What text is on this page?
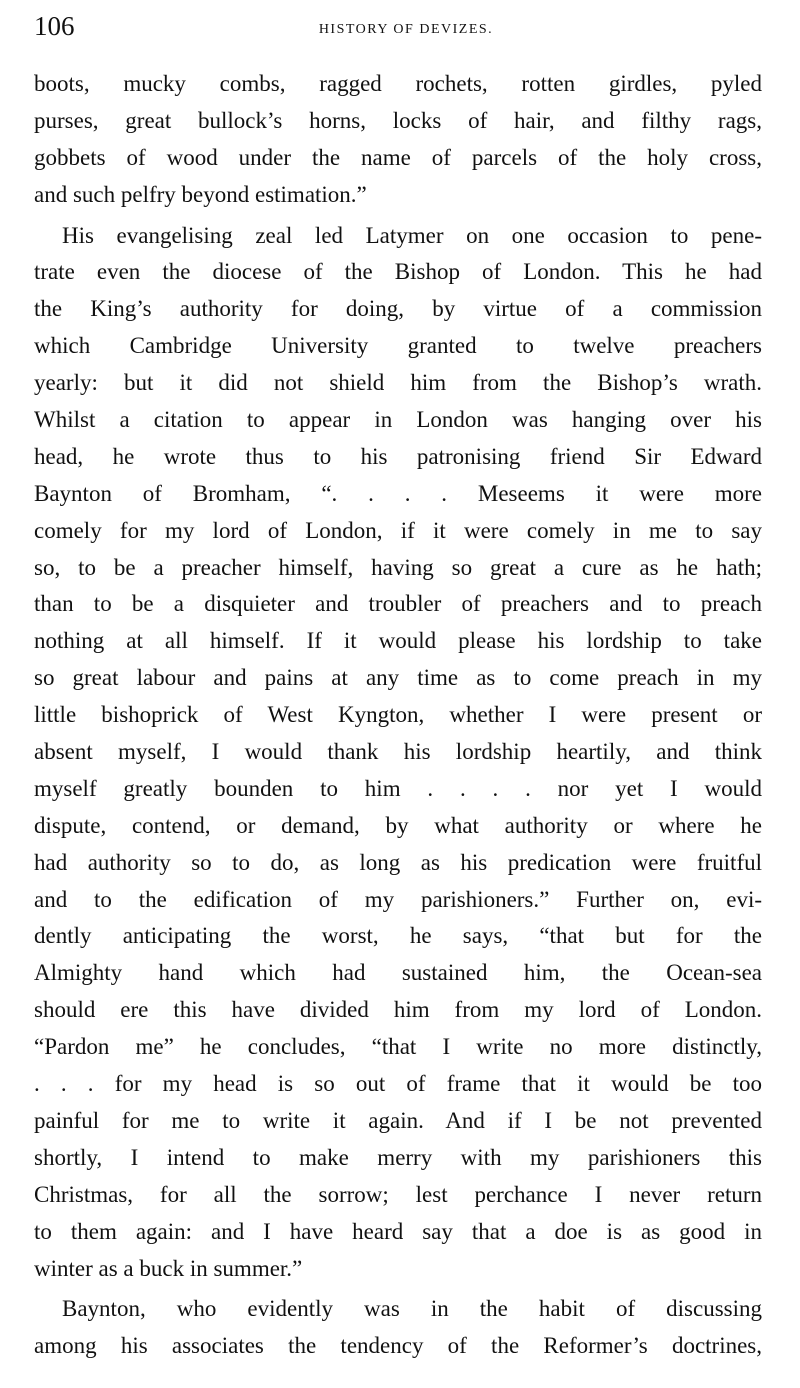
106	HISTORY OF DEVIZES.
boots, mucky combs, ragged rochets, rotten girdles, pyled
purses, great bullock’s horns, locks of hair, and filthy rags,
gobbets of wood under the name of parcels of the holy cross,
and such pelfry beyond estimation.”
His evangelising zeal led Latymer on one occasion to pene-
trate even the diocese of the Bishop of London. This he had
the King’s authority for doing, by virtue of a commission
which Cambridge University granted to twelve preachers
yearly: but it did not shield him from the Bishop’s wrath.
Whilst a citation to appear in London was hanging over his
head, he wrote thus to his patronising friend Sir Edward
Baynton of Bromham, “. . . . Meseems it were more
comely for my lord of London, if it were comely in me to say
so, to be a preacher himself, having so great a cure as he hath;
than to be a disquieter and troubler of preachers and to preach
nothing at all himself. If it would please his lordship to take
so great labour and pains at any time as to come preach in my
little bishoprick of West Kyngton, whether I were present or
absent myself, I would thank his lordship heartily, and think
myself greatly bounden to him . . . . nor yet I would
dispute, contend, or demand, by what authority or where he
had authority so to do, as long as his predication were fruitful
and to the edification of my parishioners.” Further on, evi-
dently anticipating the worst, he says, “that but for the
Almighty hand which had sustained him, the Ocean-sea
should ere this have divided him from my lord of London.
“Pardon me” he concludes, “that I write no more distinctly,
. . . for my head is so out of frame that it would be too
painful for me to write it again. And if I be not prevented
shortly, I intend to make merry with my parishioners this
Christmas, for all the sorrow; lest perchance I never return
to them again: and I have heard say that a doe is as good in
winter as a buck in summer.”
Baynton, who evidently was in the habit of discussing
among his associates the tendency of the Reformer’s doctrines,
